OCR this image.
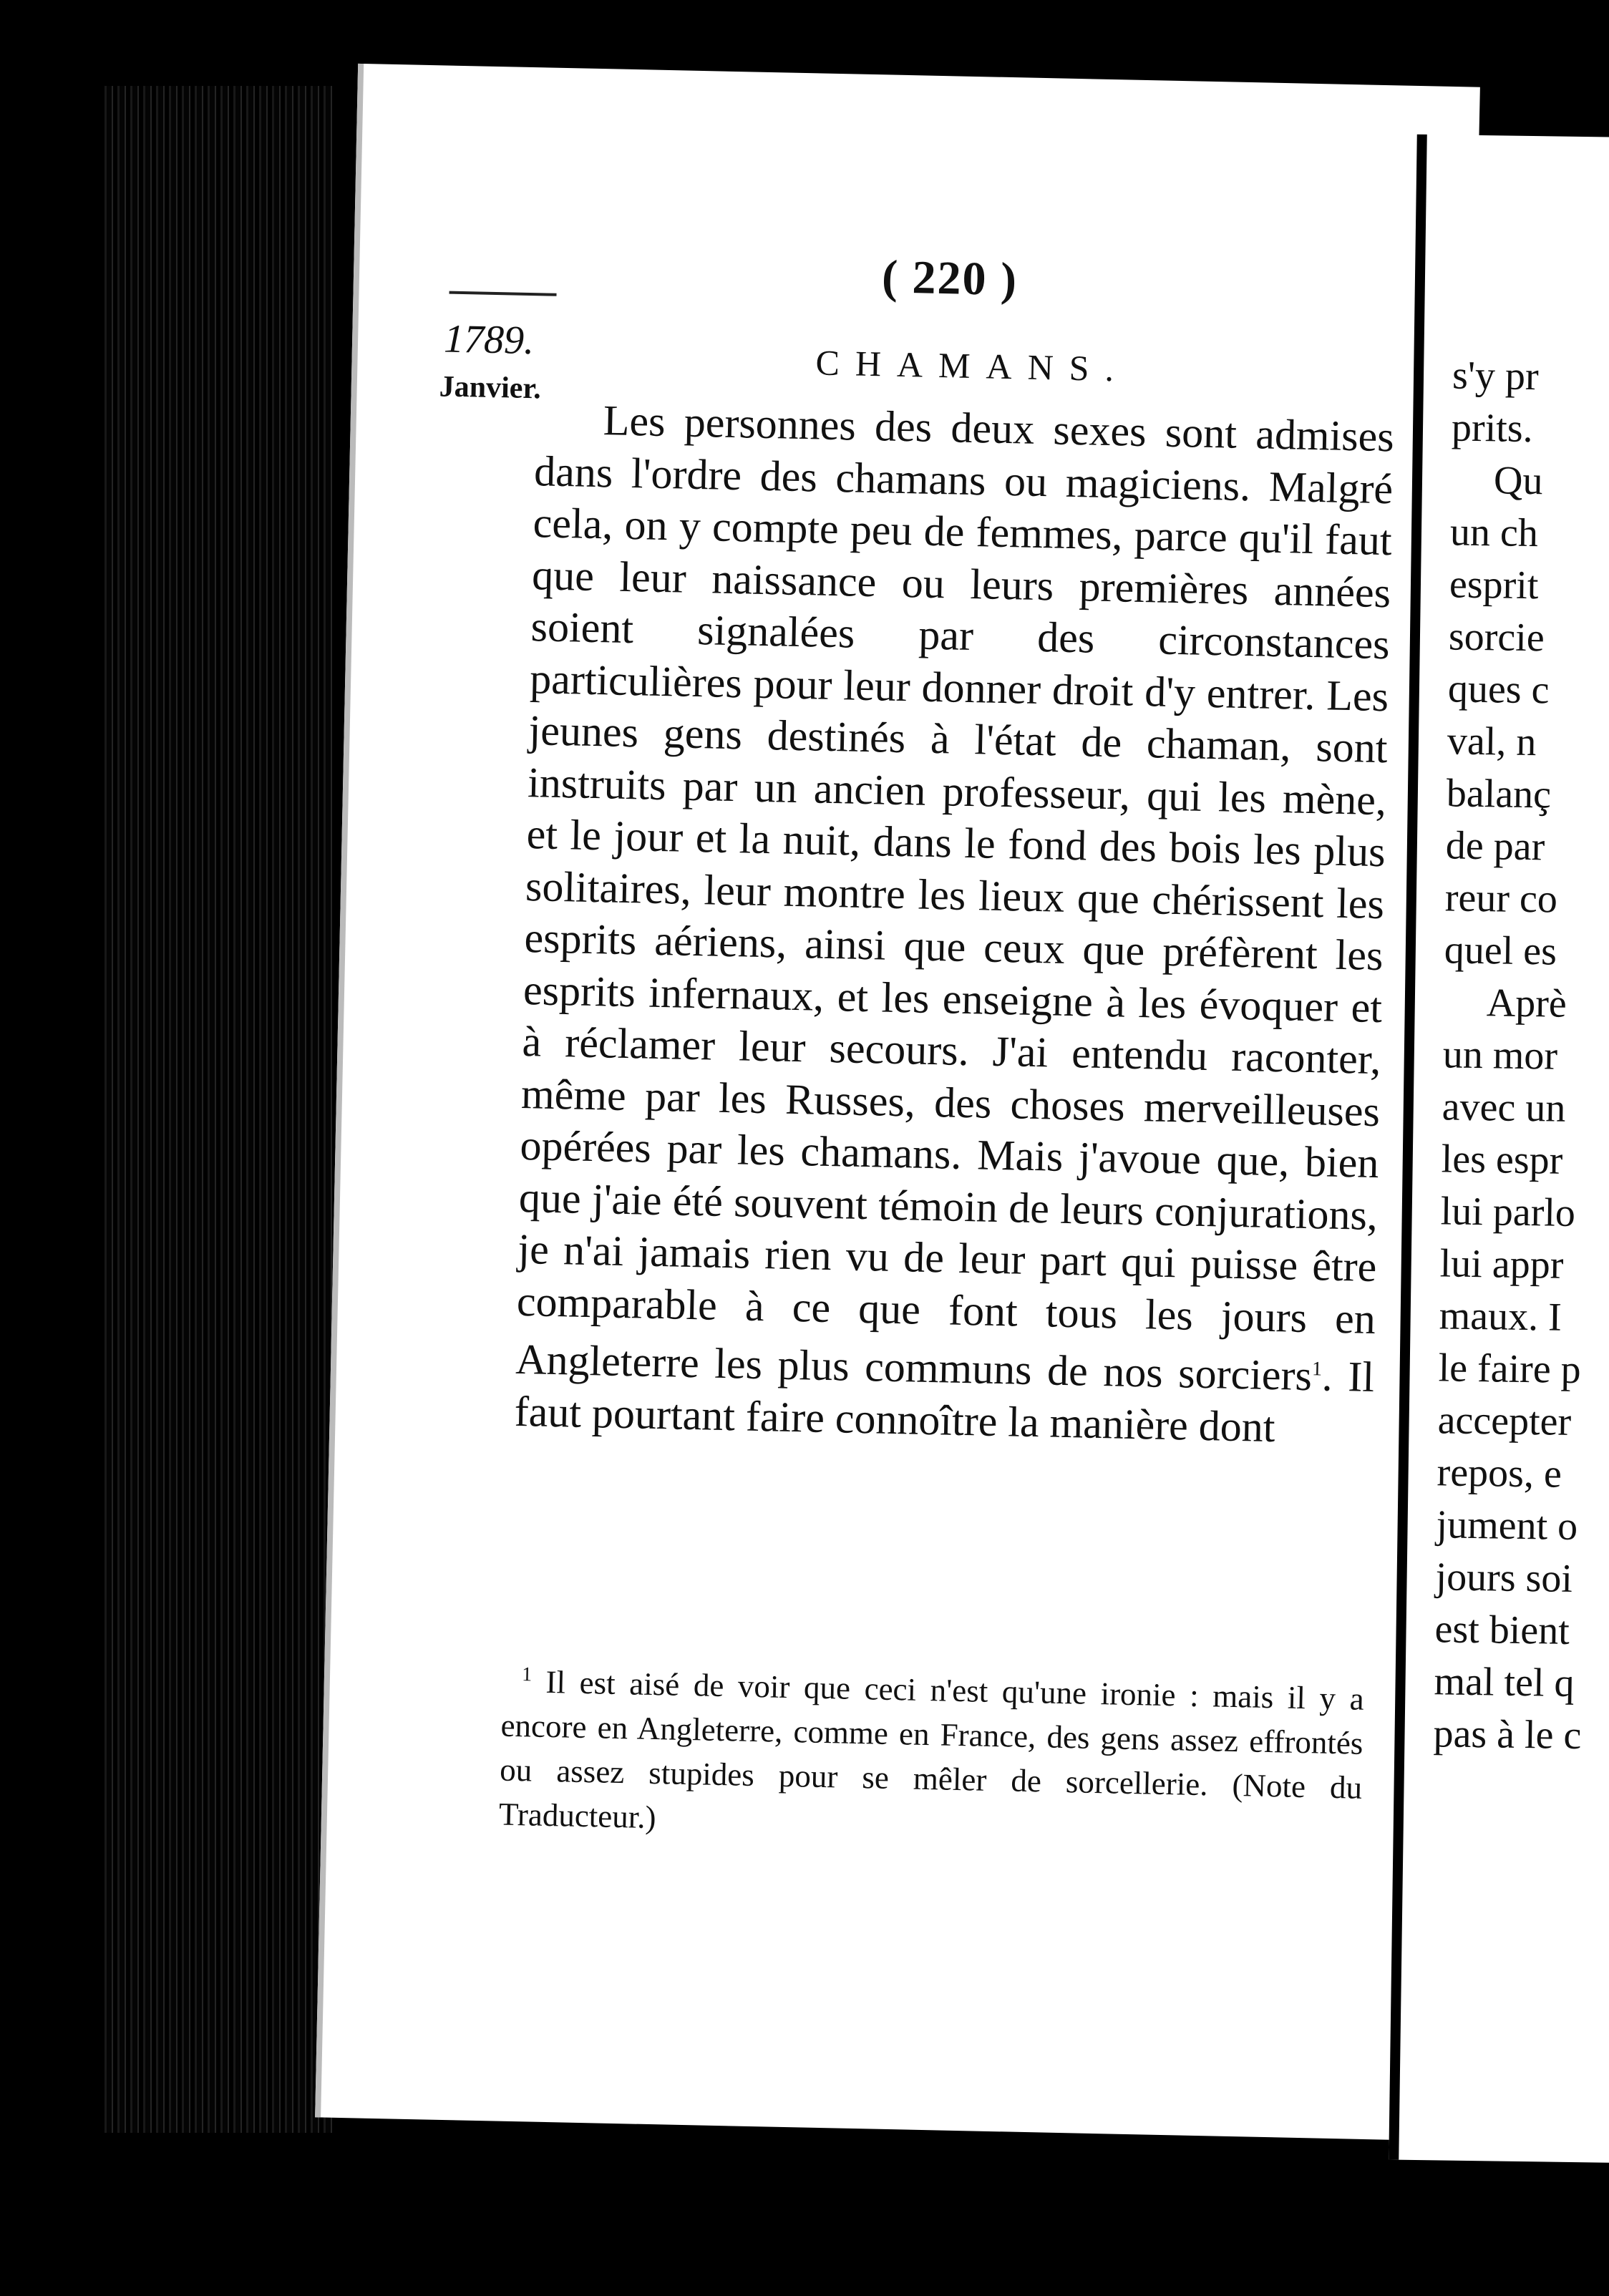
( 220 )
1789.
Janvier.	CHAMANS.

Les personnes des deux sexes sont admises dans l'ordre des chamans ou magiciens. Malgré cela, on y compte peu de femmes, parce qu'il faut que leur naissance ou leurs premières années soient signalées par des circonstances particulières pour leur donner droit d'y entrer. Les jeunes gens destinés à l'état de chaman, sont instruits par un ancien professeur, qui les mène, et le jour et la nuit, dans le fond des bois les plus solitaires, leur montre les lieux que chérissent les esprits aériens, ainsi que ceux que préfèrent les esprits infernaux, et les enseigne à les évoquer et à réclamer leur secours. J'ai entendu raconter, même par les Russes, des choses merveilleuses opérées par les chamans. Mais j'avoue que, bien que j'aie été souvent témoin de leurs conjurations, je n'ai jamais rien vu de leur part qui puisse être comparable à ce que font tous les jours en Angleterre les plus communs de nos sorciers$^1$. Il faut pourtant faire connoître la manière dont

$^1$ Il est aisé de voir que ceci n'est qu'une ironie : mais il y a encore en Angleterre, comme en France, des gens assez effrontés ou assez stupides pour se mêler de sorcellerie. (Note du Traducteur.)

s'y pr
prits.
Qu
un ch
esprit
sorcie
ques c
val, n
balanç
de par
reur co
quel es
Aprè
un mor
avec un
les espr
lui parlo
lui appr
maux. I
le faire p
accepter
repos, e
jument o
jours soi
est bient
mal tel q
pas à le c
